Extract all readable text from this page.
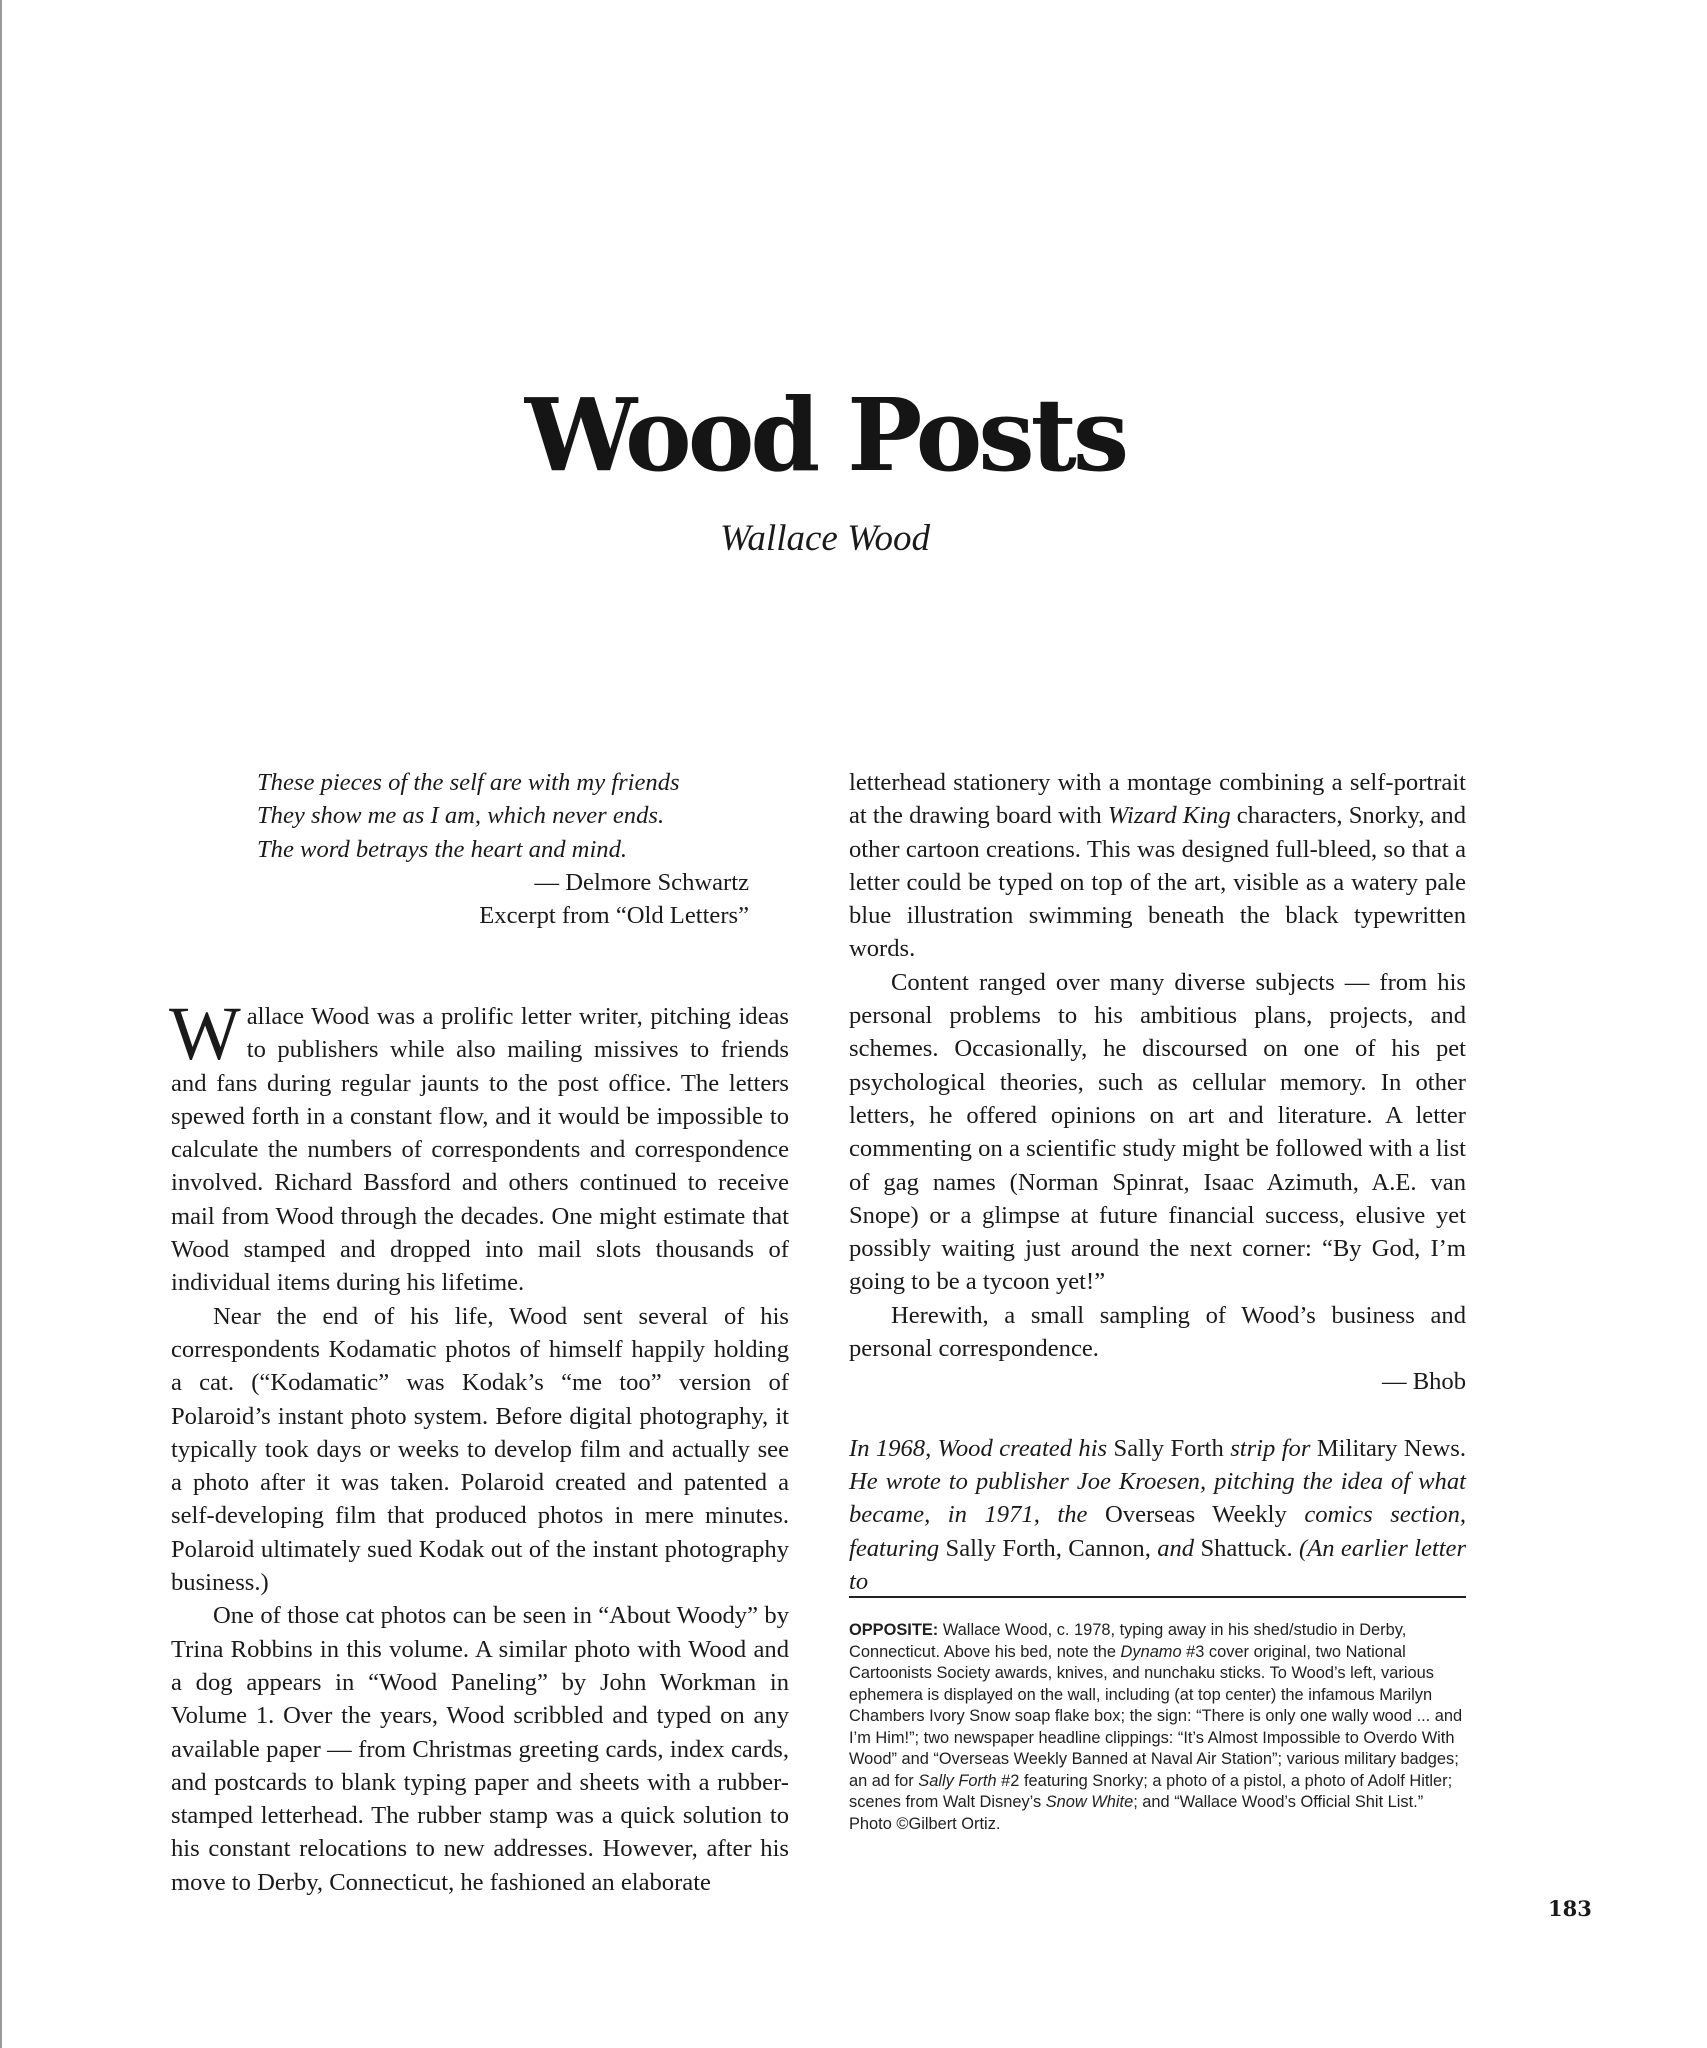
Wood Posts
Wallace Wood
These pieces of the self are with my friends
They show me as I am, which never ends.
The word betrays the heart and mind.
— Delmore Schwartz
Excerpt from “Old Letters”

Wallace Wood was a prolific letter writer, pitching ideas to publishers while also mailing missives to friends and fans during regular jaunts to the post office. The letters spewed forth in a constant flow, and it would be impossible to calculate the numbers of correspondents and correspondence involved. Richard Bassford and others continued to receive mail from Wood through the decades. One might estimate that Wood stamped and dropped into mail slots thousands of individual items during his lifetime.

Near the end of his life, Wood sent several of his correspondents Kodamatic photos of himself happily holding a cat. (“Kodamatic” was Kodak’s “me too” version of Polaroid’s instant photo system. Before digital photography, it typically took days or weeks to develop film and actually see a photo after it was taken. Polaroid created and patented a self-developing film that produced photos in mere minutes. Polaroid ultimately sued Kodak out of the instant photography business.)

One of those cat photos can be seen in “About Woody” by Trina Robbins in this volume. A similar photo with Wood and a dog appears in “Wood Paneling” by John Workman in Volume 1. Over the years, Wood scribbled and typed on any available paper — from Christmas greeting cards, index cards, and postcards to blank typing paper and sheets with a rubber-stamped letterhead. The rubber stamp was a quick solution to his constant relocations to new addresses. However, after his move to Derby, Connecticut, he fashioned an elaborate

letterhead stationery with a montage combining a self-portrait at the drawing board with Wizard King characters, Snorky, and other cartoon creations. This was designed full-bleed, so that a letter could be typed on top of the art, visible as a watery pale blue illustration swimming beneath the black typewritten words.

Content ranged over many diverse subjects — from his personal problems to his ambitious plans, projects, and schemes. Occasionally, he discoursed on one of his pet psychological theories, such as cellular memory. In other letters, he offered opinions on art and literature. A letter commenting on a scientific study might be followed with a list of gag names (Norman Spinrat, Isaac Azimuth, A.E. van Snope) or a glimpse at future financial success, elusive yet possibly waiting just around the next corner: “By God, I’m going to be a tycoon yet!”

Herewith, a small sampling of Wood’s business and personal correspondence.

— Bhob

In 1968, Wood created his Sally Forth strip for Military News. He wrote to publisher Joe Kroesen, pitching the idea of what became, in 1971, the Overseas Weekly comics section, featuring Sally Forth, Cannon, and Shattuck. (An earlier letter to

OPPOSITE: Wallace Wood, c. 1978, typing away in his shed/studio in Derby, Connecticut. Above his bed, note the Dynamo #3 cover original, two National Cartoonists Society awards, knives, and nunchaku sticks. To Wood’s left, various ephemera is displayed on the wall, including (at top center) the infamous Marilyn Chambers Ivory Snow soap flake box; the sign: “There is only one wally wood ... and I’m Him!”; two newspaper headline clippings: “It’s Almost Impossible to Overdo With Wood” and “Overseas Weekly Banned at Naval Air Station”; various military badges; an ad for Sally Forth #2 featuring Snorky; a photo of a pistol, a photo of Adolf Hitler; scenes from Walt Disney’s Snow White; and “Wallace Wood’s Official Shit List.” Photo ©Gilbert Ortiz.
183
